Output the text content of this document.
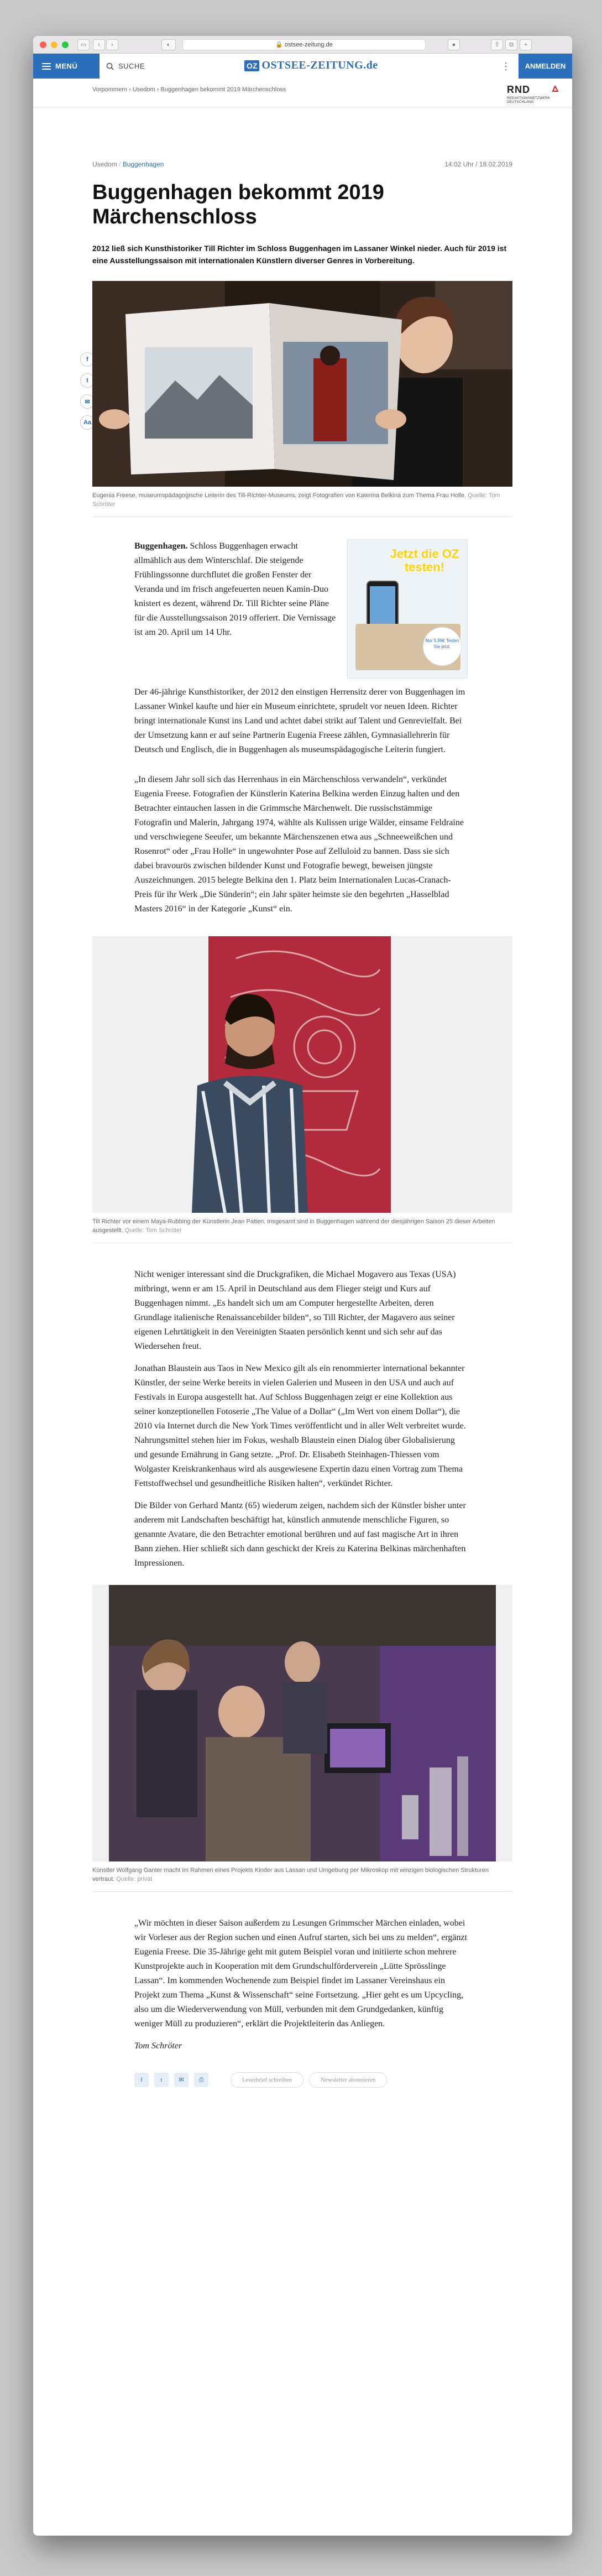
▭	‹	›	◐	🔒 ostsee-zeitung.de	●	⇧	⧉	+
MENÜ	SUCHE	OZ OSTSEE-ZEITUNG.de	⋮ ANMELDEN
Vorpommern › Usedom › Buggenhagen bekommt 2019 Märchenschloss	RND
REDAKTIONSNETZWERK DEUTSCHLAND
f
t
✉
Aa
Usedom / Buggenhagen	14:02 Uhr / 18.02.2019
Buggenhagen bekommt 2019 Märchenschloss

2012 ließ sich Kunsthistoriker Till Richter im Schloss Buggenhagen im Lassaner Winkel nieder. Auch für 2019 ist eine Ausstellungssaison mit internationalen Künstlern diverser Genres in Vorbereitung.

Eugenia Freese, museumspädagogische Leiterin des Till-Richter-Museums, zeigt Fotografien von Katerina Belkina zum Thema Frau Holle. Quelle: Tom Schröter
Jetzt die OZ testen!
Nur 5,99€ Testen Sie jetzt.

Buggenhagen. Schloss Buggenhagen erwacht allmählich aus dem Winterschlaf. Die steigende Frühlingssonne durchflutet die großen Fenster der Veranda und im frisch angefeuerten neuen Kamin-Duo knistert es dezent, während Dr. Till Richter seine Pläne für die Ausstellungssaison 2019 offeriert. Die Vernissage ist am 20. April um 14 Uhr.

Der 46-jährige Kunsthistoriker, der 2012 den einstigen Herrensitz derer von Buggenhagen im Lassaner Winkel kaufte und hier ein Museum einrichtete, sprudelt vor neuen Ideen. Richter bringt internationale Kunst ins Land und achtet dabei strikt auf Talent und Genrevielfalt. Bei der Umsetzung kann er auf seine Partnerin Eugenia Freese zählen, Gymnasiallehrerin für Deutsch und Englisch, die in Buggenhagen als museumspädagogische Leiterin fungiert.

„In diesem Jahr soll sich das Herrenhaus in ein Märchenschloss verwandeln“, verkündet Eugenia Freese. Fotografien der Künstlerin Katerina Belkina werden Einzug halten und den Betrachter eintauchen lassen in die Grimmsche Märchenwelt. Die russischstämmige Fotografin und Malerin, Jahrgang 1974, wählte als Kulissen urige Wälder, einsame Feldraine und verschwiegene Seeufer, um bekannte Märchenszenen etwa aus „Schneeweißchen und Rosenrot“ oder „Frau Holle“ in ungewohnter Pose auf Zelluloid zu bannen. Dass sie sich dabei bravourös zwischen bildender Kunst und Fotografie bewegt, beweisen jüngste Auszeichnungen. 2015 belegte Belkina den 1. Platz beim Internationalen Lucas-Cranach-Preis für ihr Werk „Die Sünderin“; ein Jahr später heimste sie den begehrten „Hasselblad Masters 2016“ in der Kategorie „Kunst“ ein.

Till Richter vor einem Maya-Rubbing der Künstlerin Jean Patten. Insgesamt sind in Buggenhagen während der diesjährigen Saison 25 dieser Arbeiten ausgestellt. Quelle: Tom Schröter

Nicht weniger interessant sind die Druckgrafiken, die Michael Mogavero aus Texas (USA) mitbringt, wenn er am 15. April in Deutschland aus dem Flieger steigt und Kurs auf Buggenhagen nimmt. „Es handelt sich um am Computer hergestellte Arbeiten, deren Grundlage italienische Renaissancebilder bilden“, so Till Richter, der Magavero aus seiner eigenen Lehrtätigkeit in den Vereinigten Staaten persönlich kennt und sich sehr auf das Wiedersehen freut.

Jonathan Blaustein aus Taos in New Mexico gilt als ein renommierter international bekannter Künstler, der seine Werke bereits in vielen Galerien und Museen in den USA und auch auf Festivals in Europa ausgestellt hat. Auf Schloss Buggenhagen zeigt er eine Kollektion aus seiner konzeptionellen Fotoserie „The Value of a Dollar“ („Im Wert von einem Dollar“), die 2010 via Internet durch die New York Times veröffentlicht und in aller Welt verbreitet wurde. Nahrungsmittel stehen hier im Fokus, weshalb Blaustein einen Dialog über Globalisierung und gesunde Ernährung in Gang setzte. „Prof. Dr. Elisabeth Steinhagen-Thiessen vom Wolgaster Kreiskrankenhaus wird als ausgewiesene Expertin dazu einen Vortrag zum Thema Fettstoffwechsel und gesundheitliche Risiken halten“, verkündet Richter.

Die Bilder von Gerhard Mantz (65) wiederum zeigen, nachdem sich der Künstler bisher unter anderem mit Landschaften beschäftigt hat, künstlich anmutende menschliche Figuren, so genannte Avatare, die den Betrachter emotional berühren und auf fast magische Art in ihren Bann ziehen. Hier schließt sich dann geschickt der Kreis zu Katerina Belkinas märchenhaften Impressionen.

Künstler Wolfgang Ganter macht im Rahmen eines Projekts Kinder aus Lassan und Umgebung per Mikroskop mit winzigen biologischen Strukturen vertraut. Quelle: privat

„Wir möchten in dieser Saison außerdem zu Lesungen Grimmscher Märchen einladen, wobei wir Vorleser aus der Region suchen und einen Aufruf starten, sich bei uns zu melden“, ergänzt Eugenia Freese. Die 35-Jährige geht mit gutem Beispiel voran und initiierte schon mehrere Kunstprojekte auch in Kooperation mit dem Grundschulförderverein „Lütte Sprösslinge Lassan“. Im kommenden Wochenende zum Beispiel findet im Lassaner Vereinshaus ein Projekt zum Thema „Kunst & Wissenschaft“ seine Fortsetzung. „Hier geht es um Upcycling, also um die Wiederverwendung von Müll, verbunden mit dem Grundgedanken, künftig weniger Müll zu produzieren“, erklärt die Projektleiterin das Anliegen.

Tom Schröter

f	t	✉	⎙	Leserbrief schreiben	Newsletter abonnieren
